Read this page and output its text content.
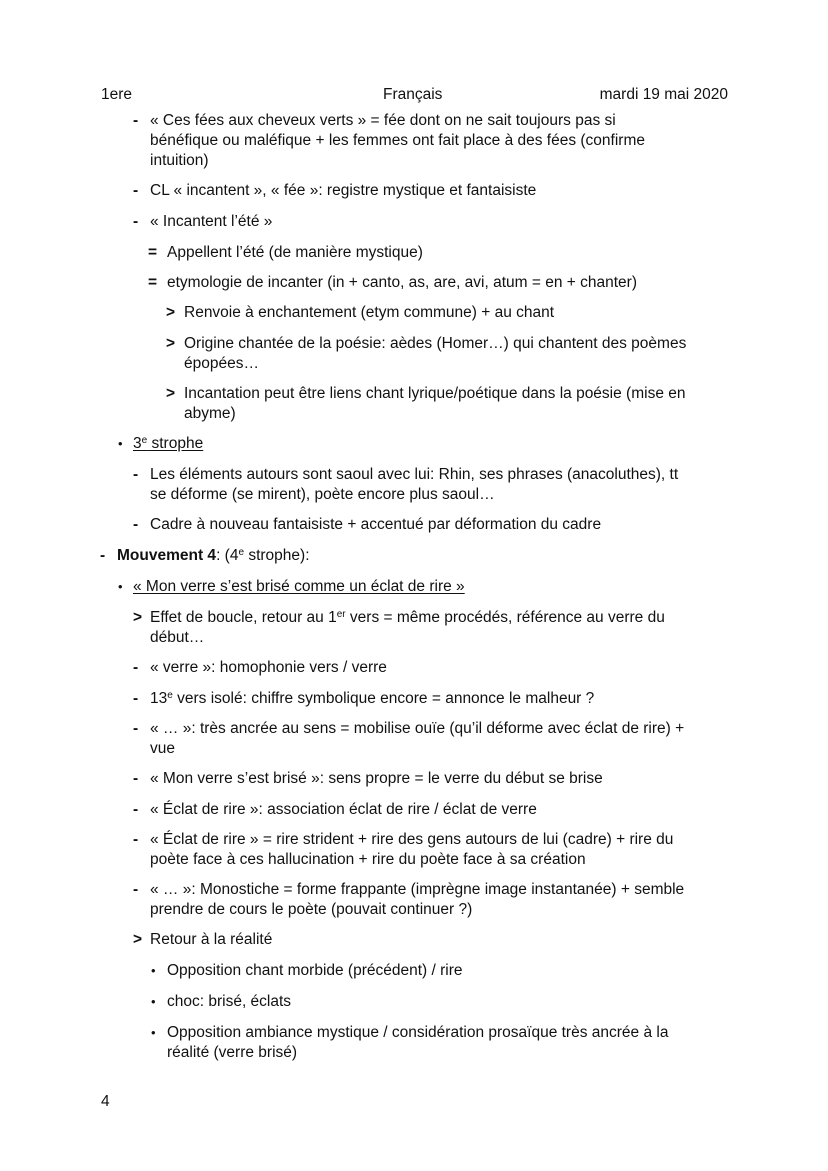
1ere	Français	mardi 19 mai 2020
- « Ces fées aux cheveux verts » = fée dont on ne sait toujours pas si
bénéfique ou maléfique + les femmes ont fait place à des fées (confirme
intuition)
- CL « incantent », « fée »: registre mystique et fantaisiste
- « Incantent l’été »
= Appellent l’été (de manière mystique)
= etymologie de incanter (in + canto, as, are, avi, atum = en + chanter)
> Renvoie à enchantement (etym commune) + au chant
> Origine chantée de la poésie: aèdes (Homer…) qui chantent des poèmes
épopées…
> Incantation peut être liens chant lyrique/poétique dans la poésie (mise en
abyme)
• 3e strophe
- Les éléments autours sont saoul avec lui: Rhin, ses phrases (anacoluthes), tt
se déforme (se mirent), poète encore plus saoul…
- Cadre à nouveau fantaisiste + accentué par déformation du cadre
- Mouvement 4: (4e strophe):
• « Mon verre s’est brisé comme un éclat de rire »
> Effet de boucle, retour au 1er vers = même procédés, référence au verre du
début…
- « verre »: homophonie vers / verre
- 13e vers isolé: chiffre symbolique encore = annonce le malheur ?
- « … »: très ancrée au sens = mobilise ouïe (qu’il déforme avec éclat de rire) +
vue
- « Mon verre s’est brisé »: sens propre = le verre du début se brise
- « Éclat de rire »: association éclat de rire / éclat de verre
- « Éclat de rire » = rire strident + rire des gens autours de lui (cadre) + rire du
poète face à ces hallucination + rire du poète face à sa création
- « … »: Monostiche = forme frappante (imprègne image instantanée) + semble
prendre de cours le poète (pouvait continuer ?)
> Retour à la réalité
• Opposition chant morbide (précédent) / rire
• choc: brisé, éclats
• Opposition ambiance mystique / considération prosaïque très ancrée à la
réalité (verre brisé)
4
